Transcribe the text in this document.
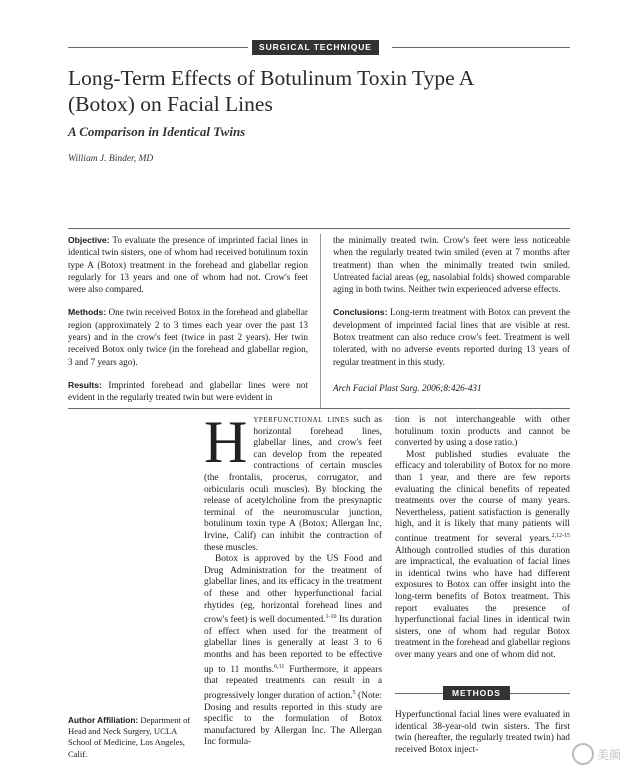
SURGICAL TECHNIQUE
Long-Term Effects of Botulinum Toxin Type A
(Botox) on Facial Lines
A Comparison in Identical Twins
William J. Binder, MD

Objective: To evaluate the presence of imprinted facial lines in identical twin sisters, one of whom had received botulinum toxin type A (Botox) treatment in the forehead and glabellar region regularly for 13 years and one of whom had not. Crow's feet were also compared.

Methods: One twin received Botox in the forehead and glabellar region (approximately 2 to 3 times each year over the past 13 years) and in the crow's feet (twice in past 2 years). Her twin received Botox only twice (in the forehead and glabellar region, 3 and 7 years ago).

Results: Imprinted forehead and glabellar lines were not evident in the regularly treated twin but were evident in

the minimally treated twin. Crow's feet were less noticeable when the regularly treated twin smiled (even at 7 months after treatment) than when the minimally treated twin smiled. Untreated facial areas (eg, nasolabial folds) showed comparable aging in both twins. Neither twin experienced adverse effects.

Conclusions: Long-term treatment with Botox can prevent the development of imprinted facial lines that are visible at rest. Botox treatment can also reduce crow's feet. Treatment is well tolerated, with no adverse events reported during 13 years of regular treatment in this study.

Arch Facial Plast Surg. 2006;8:426-431

Hyperfunctional lines such as horizontal forehead lines, glabellar lines, and crow's feet can develop from the repeated contractions of certain muscles (the frontalis, procerus, corrugator, and orbicularis oculi muscles). By blocking the release of acetylcholine from the presynaptic terminal of the neuromuscular junction, botulinum toxin type A (Botox; Allergan Inc, Irvine, Calif) can inhibit the contraction of these muscles.

Botox is approved by the US Food and Drug Administration for the treatment of glabellar lines, and its efficacy in the treatment of these and other hyperfunctional facial rhytides (eg, horizontal forehead lines and crow's feet) is well documented.$^{1-10}$ Its duration of effect when used for the treatment of glabellar lines is generally at least 3 to 6 months and has been reported to be effective up to 11 months.$^{6,11}$ Furthermore, it appears that repeated treatments can result in a progressively longer duration of action.$^5$ (Note: Dosing and results reported in this study are specific to the formulation of Botox manufactured by Allergan Inc. The Allergan Inc formula-

tion is not interchangeable with other botulinum toxin products and cannot be converted by using a dose ratio.)

Most published studies evaluate the efficacy and tolerability of Botox for no more than 1 year, and there are few reports evaluating the clinical benefits of repeated treatments over the course of many years. Nevertheless, patient satisfaction is generally high, and it is likely that many patients will continue treatment for several years.$^{2,12-15}$ Although controlled studies of this duration are impractical, the evaluation of facial lines in identical twins who have had different exposures to Botox can offer insight into the long-term benefits of Botox treatment. This report evaluates the presence of hyperfunctional facial lines in identical twin sisters, one of whom had regular Botox treatment in the forehead and glabellar regions over many years and one of whom did not.

METHODS

Hyperfunctional facial lines were evaluated in identical 38-year-old twin sisters. The first twin (hereafter, the regularly treated twin) had received Botox inject-

Author Affiliation: Department of Head and Neck Surgery, UCLA School of Medicine, Los Angeles, Calif.	美颜
